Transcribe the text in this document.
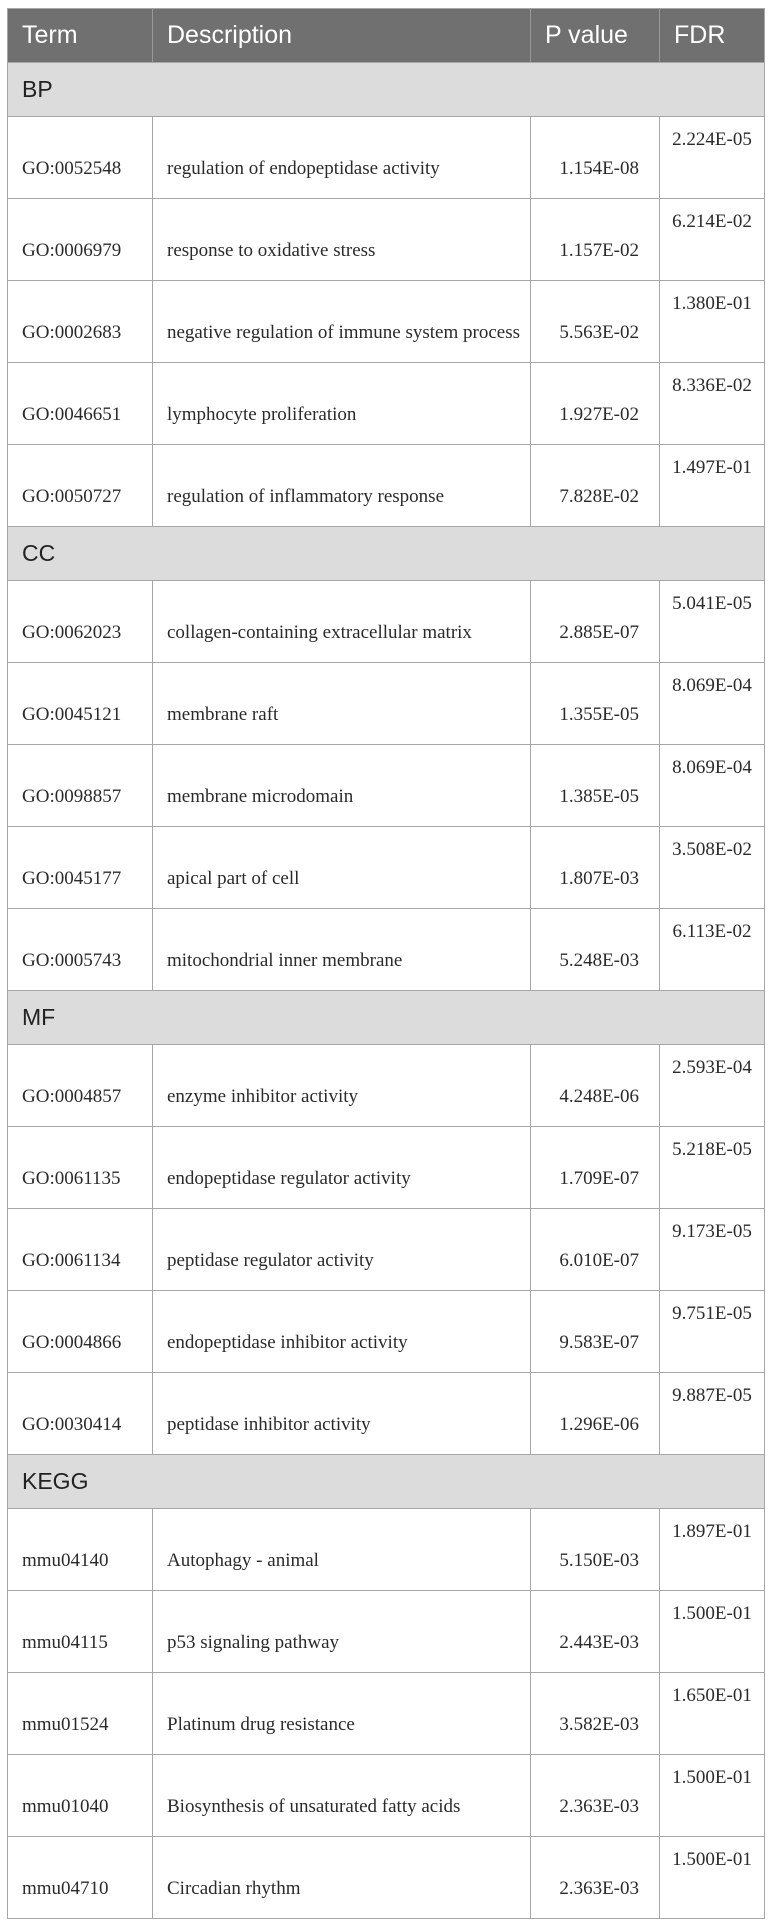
Term	Description	P value	FDR
BP			
GO:0052548	regulation of endopeptidase activity	1.154E-08	2.224E-05
GO:0006979	response to oxidative stress	1.157E-02	6.214E-02
GO:0002683	negative regulation of immune system process	5.563E-02	1.380E-01
GO:0046651	lymphocyte proliferation	1.927E-02	8.336E-02
GO:0050727	regulation of inflammatory response	7.828E-02	1.497E-01
CC			
GO:0062023	collagen-containing extracellular matrix	2.885E-07	5.041E-05
GO:0045121	membrane raft	1.355E-05	8.069E-04
GO:0098857	membrane microdomain	1.385E-05	8.069E-04
GO:0045177	apical part of cell	1.807E-03	3.508E-02
GO:0005743	mitochondrial inner membrane	5.248E-03	6.113E-02
MF			
GO:0004857	enzyme inhibitor activity	4.248E-06	2.593E-04
GO:0061135	endopeptidase regulator activity	1.709E-07	5.218E-05
GO:0061134	peptidase regulator activity	6.010E-07	9.173E-05
GO:0004866	endopeptidase inhibitor activity	9.583E-07	9.751E-05
GO:0030414	peptidase inhibitor activity	1.296E-06	9.887E-05
KEGG			
mmu04140	Autophagy - animal	5.150E-03	1.897E-01
mmu04115	p53 signaling pathway	2.443E-03	1.500E-01
mmu01524	Platinum drug resistance	3.582E-03	1.650E-01
mmu01040	Biosynthesis of unsaturated fatty acids	2.363E-03	1.500E-01
mmu04710	Circadian rhythm	2.363E-03	1.500E-01
